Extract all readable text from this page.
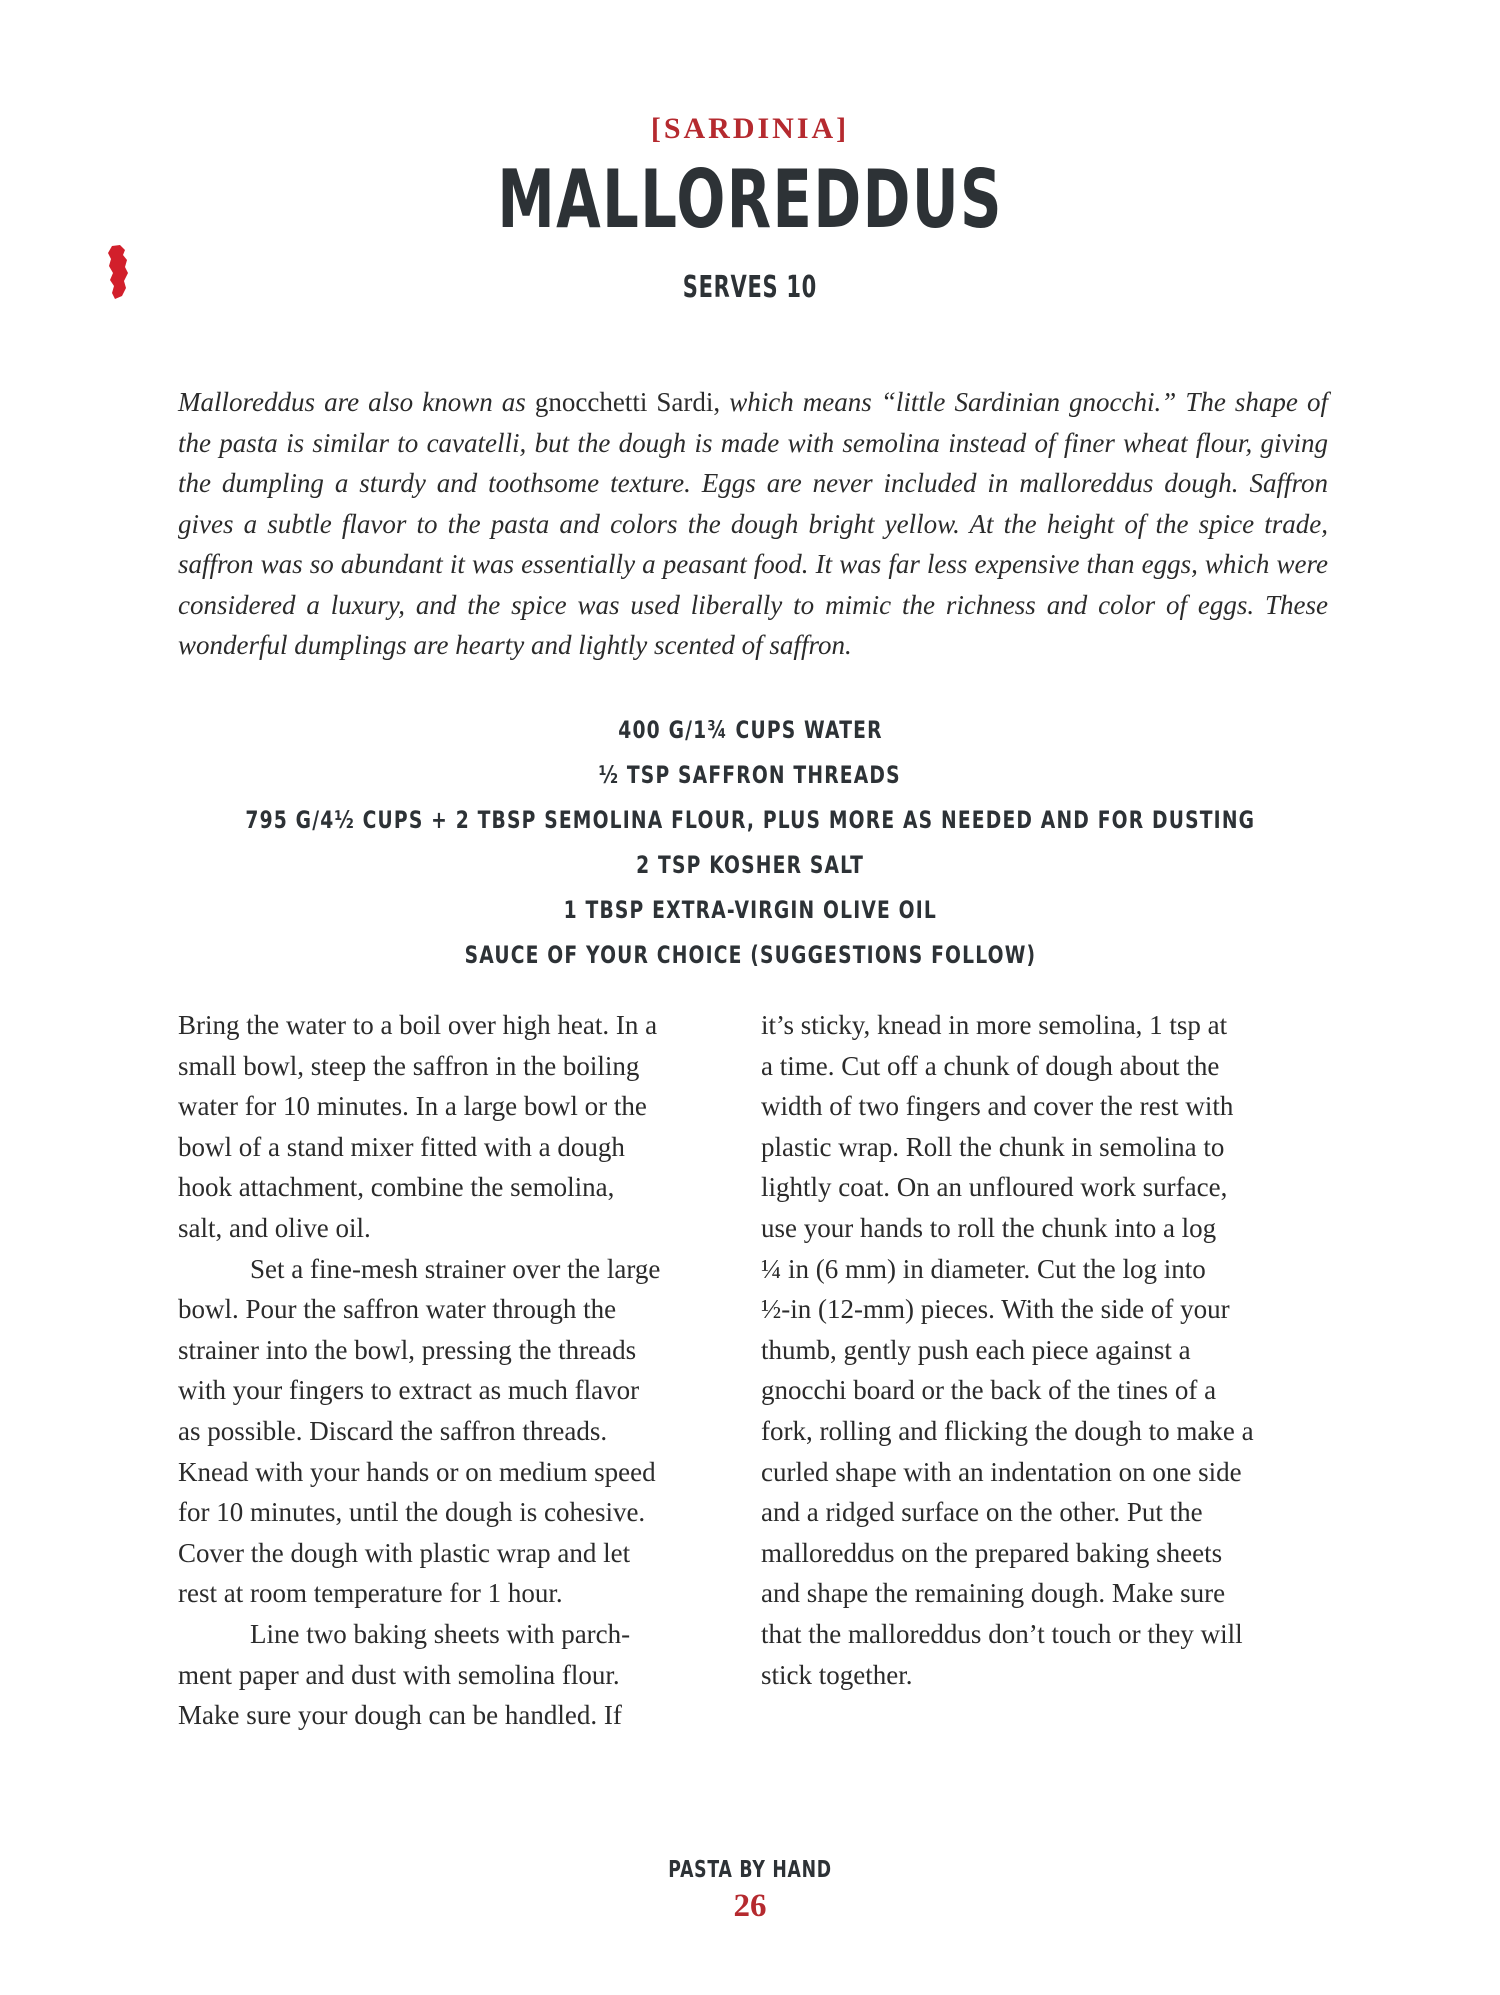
[SARDINIA]
MALLOREDDUS
SERVES 10
Malloreddus are also known as gnocchetti Sardi, which means “little Sardinian gnocchi.” The shape of the pasta is similar to cavatelli, but the dough is made with semolina instead of finer wheat flour, giving the dumpling a sturdy and toothsome texture. Eggs are never included in malloreddus dough. Saffron gives a subtle flavor to the pasta and colors the dough bright yellow. At the height of the spice trade, saffron was so abundant it was essentially a peasant food. It was far less expensive than eggs, which were considered a luxury, and the spice was used liberally to mimic the richness and color of eggs. These wonderful dumplings are hearty and lightly scented of saffron.
400 G/1¾ CUPS WATER
½ TSP SAFFRON THREADS
795 G/4½ CUPS + 2 TBSP SEMOLINA FLOUR, PLUS MORE AS NEEDED AND FOR DUSTING
2 TSP KOSHER SALT
1 TBSP EXTRA-VIRGIN OLIVE OIL
SAUCE OF YOUR CHOICE (SUGGESTIONS FOLLOW)
Bring the water to a boil over high heat. In a
small bowl, steep the saffron in the boiling
water for 10 minutes. In a large bowl or the
bowl of a stand mixer fitted with a dough
hook attachment, combine the semolina,
salt, and olive oil.
Set a fine-mesh strainer over the large
bowl. Pour the saffron water through the
strainer into the bowl, pressing the threads
with your fingers to extract as much flavor
as possible. Discard the saffron threads.
Knead with your hands or on medium speed
for 10 minutes, until the dough is cohesive.
Cover the dough with plastic wrap and let
rest at room temperature for 1 hour.
Line two baking sheets with parch-
ment paper and dust with semolina flour.
Make sure your dough can be handled. If
it’s sticky, knead in more semolina, 1 tsp at
a time. Cut off a chunk of dough about the
width of two fingers and cover the rest with
plastic wrap. Roll the chunk in semolina to
lightly coat. On an unfloured work surface,
use your hands to roll the chunk into a log
¼ in (6 mm) in diameter. Cut the log into
½-in (12-mm) pieces. With the side of your
thumb, gently push each piece against a
gnocchi board or the back of the tines of a
fork, rolling and flicking the dough to make a
curled shape with an indentation on one side
and a ridged surface on the other. Put the
malloreddus on the prepared baking sheets
and shape the remaining dough. Make sure
that the malloreddus don’t touch or they will
stick together.
PASTA BY HAND
26
